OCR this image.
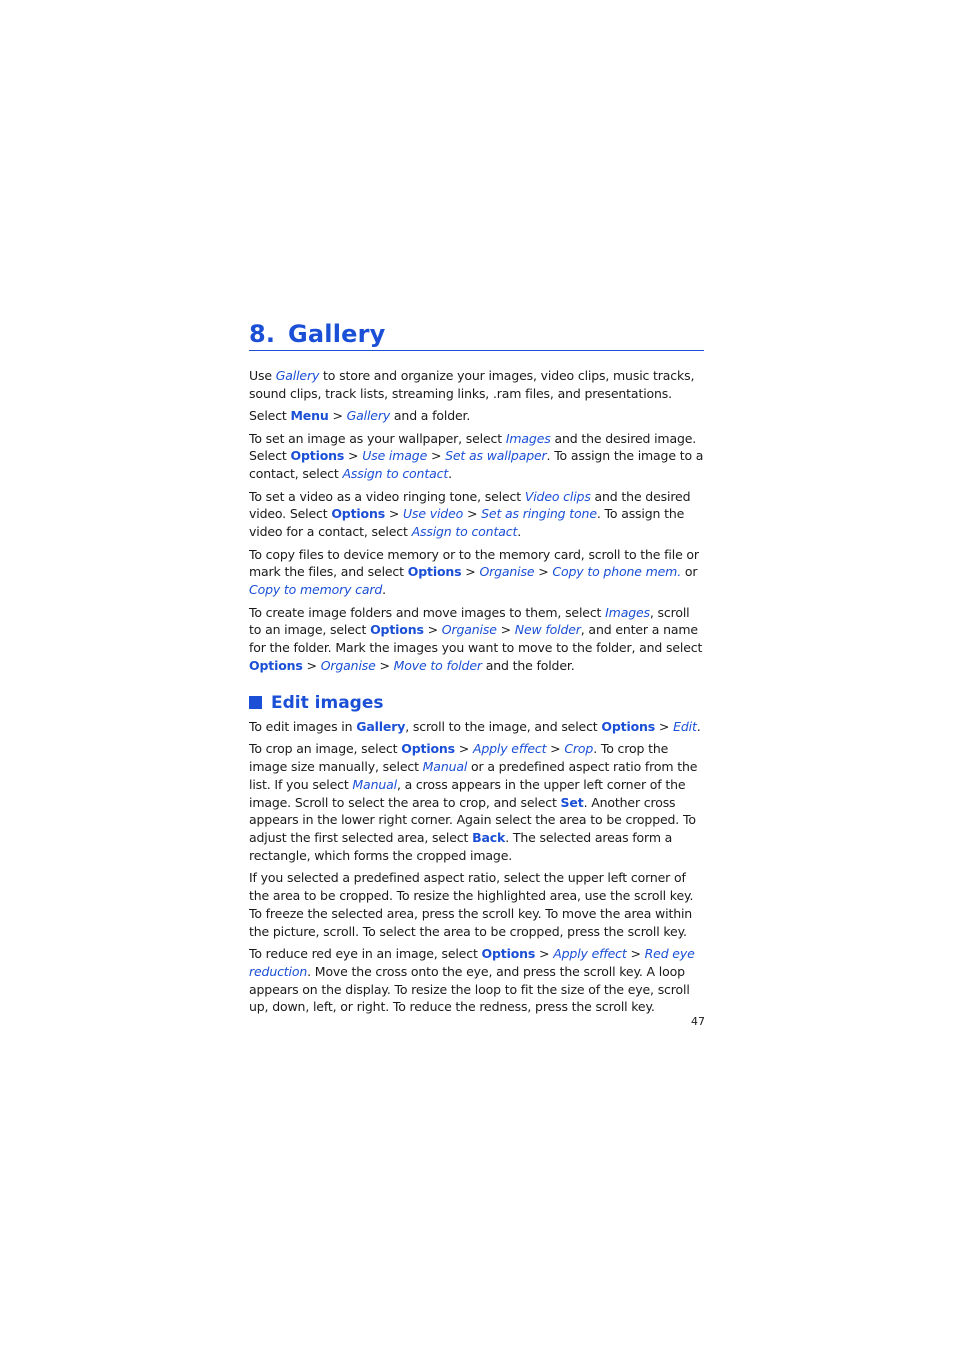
8. Gallery

Use Gallery to store and organize your images, video clips, music tracks, sound clips, track lists, streaming links, .ram files, and presentations.

Select Menu > Gallery and a folder.

To set an image as your wallpaper, select Images and the desired image. Select Options > Use image > Set as wallpaper. To assign the image to a contact, select Assign to contact.

To set a video as a video ringing tone, select Video clips and the desired video. Select Options > Use video > Set as ringing tone. To assign the video for a contact, select Assign to contact.

To copy files to device memory or to the memory card, scroll to the file or mark the files, and select Options > Organise > Copy to phone mem. or Copy to memory card.

To create image folders and move images to them, select Images, scroll to an image, select Options > Organise > New folder, and enter a name for the folder. Mark the images you want to move to the folder, and select Options > Organise > Move to folder and the folder.

Edit images

To edit images in Gallery, scroll to the image, and select Options > Edit.

To crop an image, select Options > Apply effect > Crop. To crop the image size manually, select Manual or a predefined aspect ratio from the list. If you select Manual, a cross appears in the upper left corner of the image. Scroll to select the area to crop, and select Set. Another cross appears in the lower right corner. Again select the area to be cropped. To adjust the first selected area, select Back. The selected areas form a rectangle, which forms the cropped image.

If you selected a predefined aspect ratio, select the upper left corner of the area to be cropped. To resize the highlighted area, use the scroll key. To freeze the selected area, press the scroll key. To move the area within the picture, scroll. To select the area to be cropped, press the scroll key.

To reduce red eye in an image, select Options > Apply effect > Red eye reduction. Move the cross onto the eye, and press the scroll key. A loop appears on the display. To resize the loop to fit the size of the eye, scroll up, down, left, or right. To reduce the redness, press the scroll key.

47
